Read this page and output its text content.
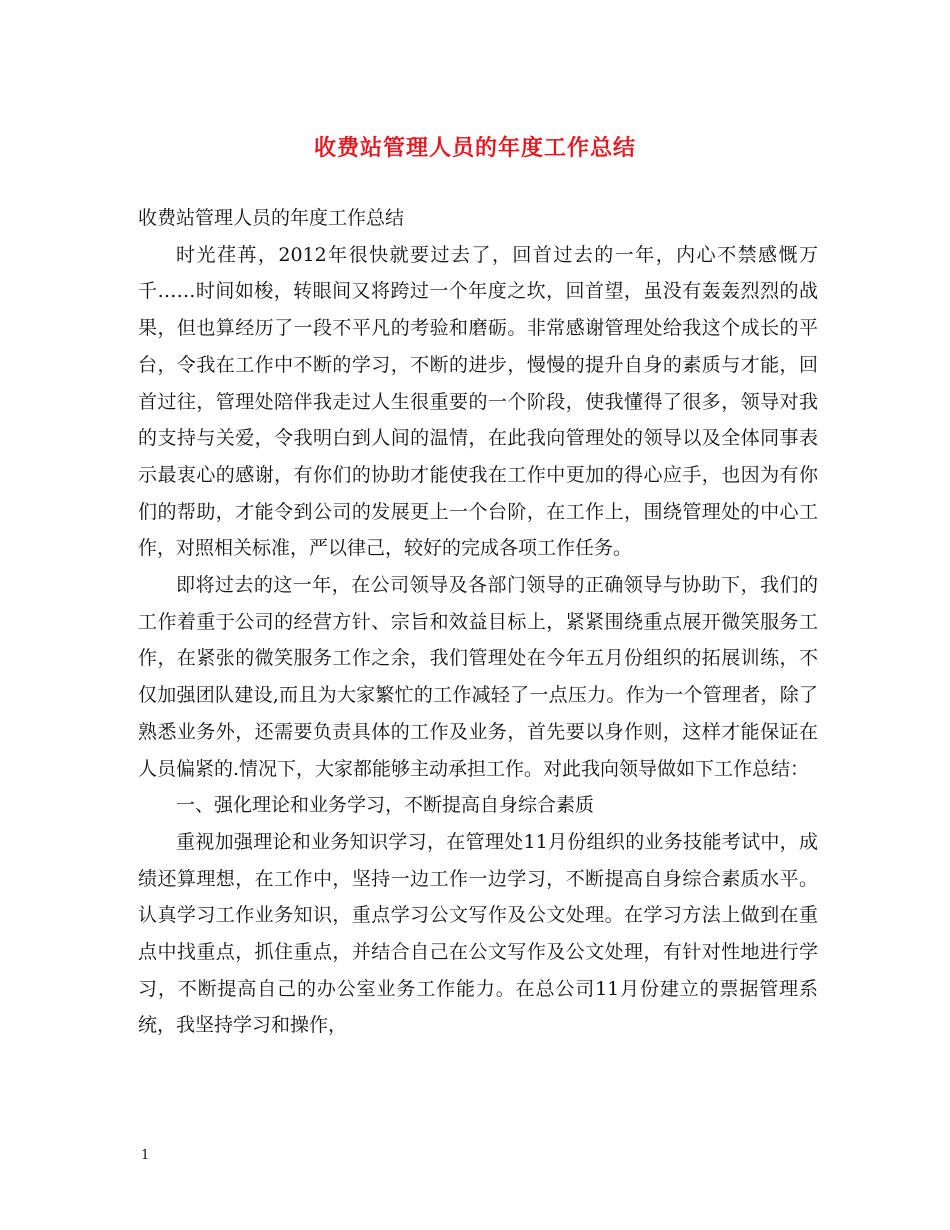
收费站管理人员的年度工作总结

收费站管理人员的年度工作总结

时光荏苒，2012年很快就要过去了，回首过去的一年，内心不禁感慨万千……时间如梭，转眼间又将跨过一个年度之坎，回首望，虽没有轰轰烈烈的战果，但也算经历了一段不平凡的考验和磨砺。非常感谢管理处给我这个成长的平台，令我在工作中不断的学习，不断的进步，慢慢的提升自身的素质与才能，回首过往，管理处陪伴我走过人生很重要的一个阶段，使我懂得了很多，领导对我的支持与关爱，令我明白到人间的温情，在此我向管理处的领导以及全体同事表示最衷心的感谢，有你们的协助才能使我在工作中更加的得心应手，也因为有你们的帮助，才能令到公司的发展更上一个台阶，在工作上，围绕管理处的中心工作，对照相关标准，严以律己，较好的完成各项工作任务。

即将过去的这一年，在公司领导及各部门领导的正确领导与协助下，我们的工作着重于公司的经营方针、宗旨和效益目标上，紧紧围绕重点展开微笑服务工作，在紧张的微笑服务工作之余，我们管理处在今年五月份组织的拓展训练，不仅加强团队建设,而且为大家繁忙的工作减轻了一点压力。作为一个管理者，除了熟悉业务外，还需要负责具体的工作及业务，首先要以身作则，这样才能保证在人员偏紧的.情况下，大家都能够主动承担工作。对此我向领导做如下工作总结：

一、强化理论和业务学习，不断提高自身综合素质

重视加强理论和业务知识学习，在管理处11月份组织的业务技能考试中，成绩还算理想，在工作中，坚持一边工作一边学习，不断提高自身综合素质水平。认真学习工作业务知识，重点学习公文写作及公文处理。在学习方法上做到在重点中找重点，抓住重点，并结合自己在公文写作及公文处理，有针对性地进行学习，不断提高自己的办公室业务工作能力。在总公司11月份建立的票据管理系统，我坚持学习和操作，

1
